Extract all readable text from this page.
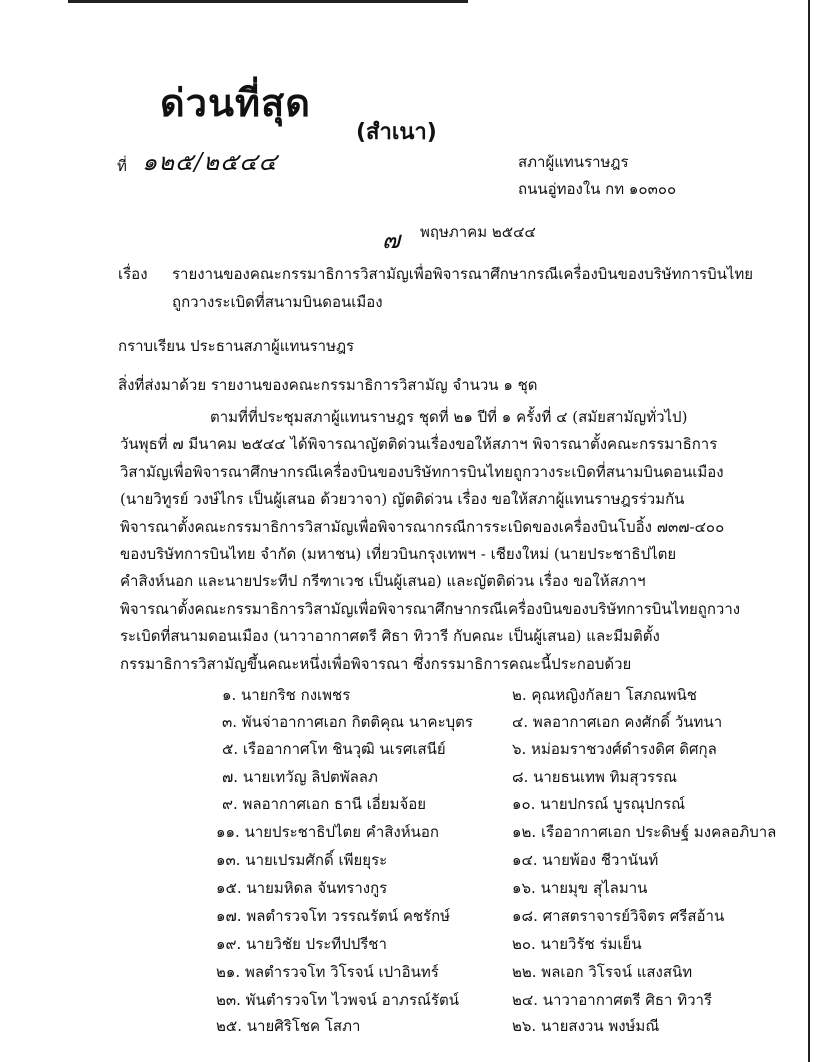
ด่วนที่สุด
(สำเนา)
ที่ ๑๒๕/๒๕๔๔	สภาผู้แทนราษฎร
ถนนอู่ทองใน กท ๑๐๓๐๐
๗ พฤษภาคม ๒๕๔๔
เรื่อง รายงานของคณะกรรมาธิการวิสามัญเพื่อพิจารณาศึกษากรณีเครื่องบินของบริษัทการบินไทย
ถูกวางระเบิดที่สนามบินดอนเมือง
กราบเรียน ประธานสภาผู้แทนราษฎร
สิ่งที่ส่งมาด้วย รายงานของคณะกรรมาธิการวิสามัญ จำนวน ๑ ชุด
ตามที่ที่ประชุมสภาผู้แทนราษฎร ชุดที่ ๒๑ ปีที่ ๑ ครั้งที่ ๔ (สมัยสามัญทั่วไป)
วันพุธที่ ๗ มีนาคม ๒๕๔๔ ได้พิจารณาญัตติด่วนเรื่องขอให้สภาฯ พิจารณาตั้งคณะกรรมาธิการ
วิสามัญเพื่อพิจารณาศึกษากรณีเครื่องบินของบริษัทการบินไทยถูกวางระเบิดที่สนามบินดอนเมือง
(นายวิทูรย์ วงษ์ไกร เป็นผู้เสนอ ด้วยวาจา) ญัตติด่วน เรื่อง ขอให้สภาผู้แทนราษฎรร่วมกัน
พิจารณาตั้งคณะกรรมาธิการวิสามัญเพื่อพิจารณากรณีการระเบิดของเครื่องบินโบอิ้ง ๗๓๗-๔๐๐
ของบริษัทการบินไทย จำกัด (มหาชน) เที่ยวบินกรุงเทพฯ - เชียงใหม่ (นายประชาธิปไตย
คำสิงห์นอก และนายประทีป กรีฑาเวช เป็นผู้เสนอ) และญัตติด่วน เรื่อง ขอให้สภาฯ
พิจารณาตั้งคณะกรรมาธิการวิสามัญเพื่อพิจารณาศึกษากรณีเครื่องบินของบริษัทการบินไทยถูกวาง
ระเบิดที่สนามดอนเมือง (นาวาอากาศตรี ศิธา ทิวารี กับคณะ เป็นผู้เสนอ) และมีมติตั้ง
กรรมาธิการวิสามัญขึ้นคณะหนึ่งเพื่อพิจารณา ซึ่งกรรมาธิการคณะนี้ประกอบด้วย
๑. นายกริช กงเพชร
๓. พันจ่าอากาศเอก กิตติคุณ นาคะบุตร
๕. เรืออากาศโท ชินวุฒิ นเรศเสนีย์
๗. นายเทวัญ ลิปตพัลลภ
๙. พลอากาศเอก ธานี เอี่ยมจ้อย
๑๑. นายประชาธิปไตย คำสิงห์นอก
๑๓. นายเปรมศักดิ์ เพียยุระ
๑๕. นายมหิดล จันทรางกูร
๑๗. พลตำรวจโท วรรณรัตน์ คชรักษ์
๑๙. นายวิชัย ประทีปปรีชา
๒๑. พลตำรวจโท วิโรจน์ เปาอินทร์
๒๓. พันตำรวจโท ไวพจน์ อาภรณ์รัตน์
๒๕. นายศิริโชค โสภา
๒. คุณหญิงกัลยา โสภณพนิช
๔. พลอากาศเอก คงศักดิ์ วันทนา
๖. หม่อมราชวงศ์ดำรงดิศ ดิศกุล
๘. นายธนเทพ ทิมสุวรรณ
๑๐. นายปกรณ์ บูรณุปกรณ์
๑๒. เรืออากาศเอก ประดิษฐ์ มงคลอภิบาล
๑๔. นายพ้อง ชีวานันท์
๑๖. นายมุข สุไลมาน
๑๘. ศาสตราจารย์วิจิตร ศรีสอ้าน
๒๐. นายวิรัช ร่มเย็น
๒๒. พลเอก วิโรจน์ แสงสนิท
๒๔. นาวาอากาศตรี ศิธา ทิวารี
๒๖. นายสงวน พงษ์มณี
